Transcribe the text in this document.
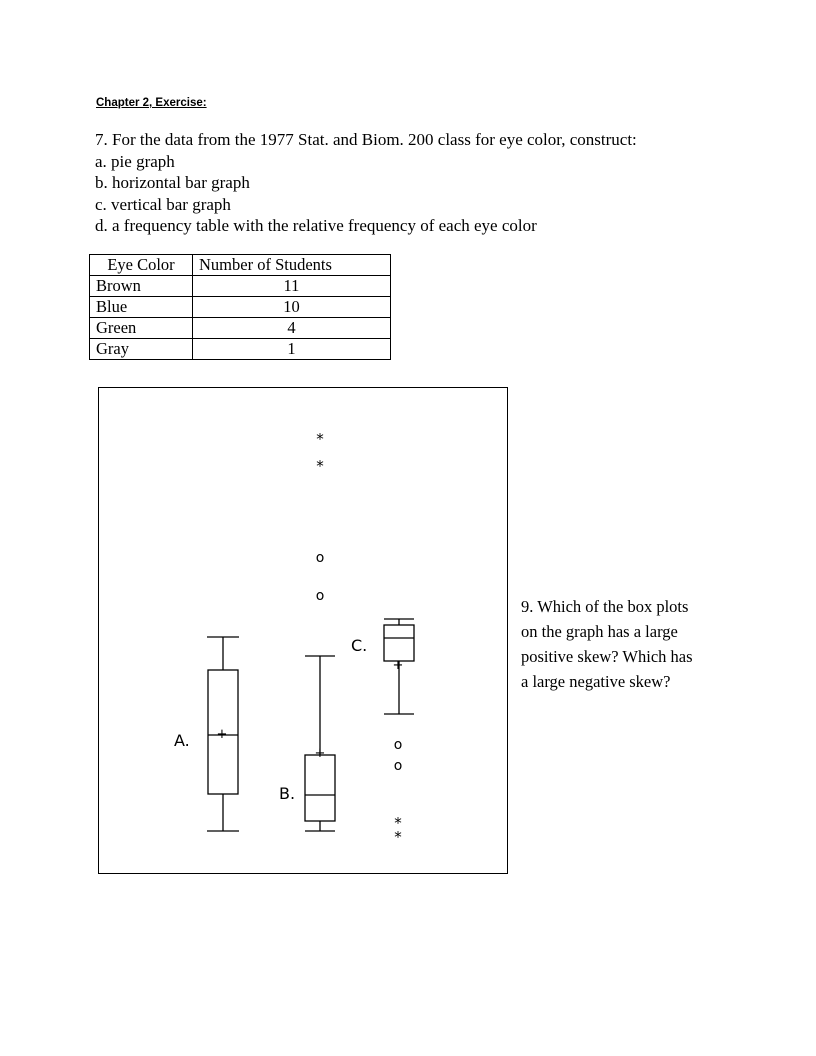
Chapter 2, Exercise:
7. For the data from the 1977 Stat. and Biom. 200 class for eye color, construct:
a. pie graph
b. horizontal bar graph
c. vertical bar graph
d. a frequency table with the relative frequency of each eye color
Eye Color	Number of Students
Brown	11
Blue	10
Green	4
Gray	1
A.
B.
C.
+
+
+
*
*
o
o
o
o
*
*
9. Which of the box plots
on the graph has a large
positive skew? Which has
a large negative skew?
